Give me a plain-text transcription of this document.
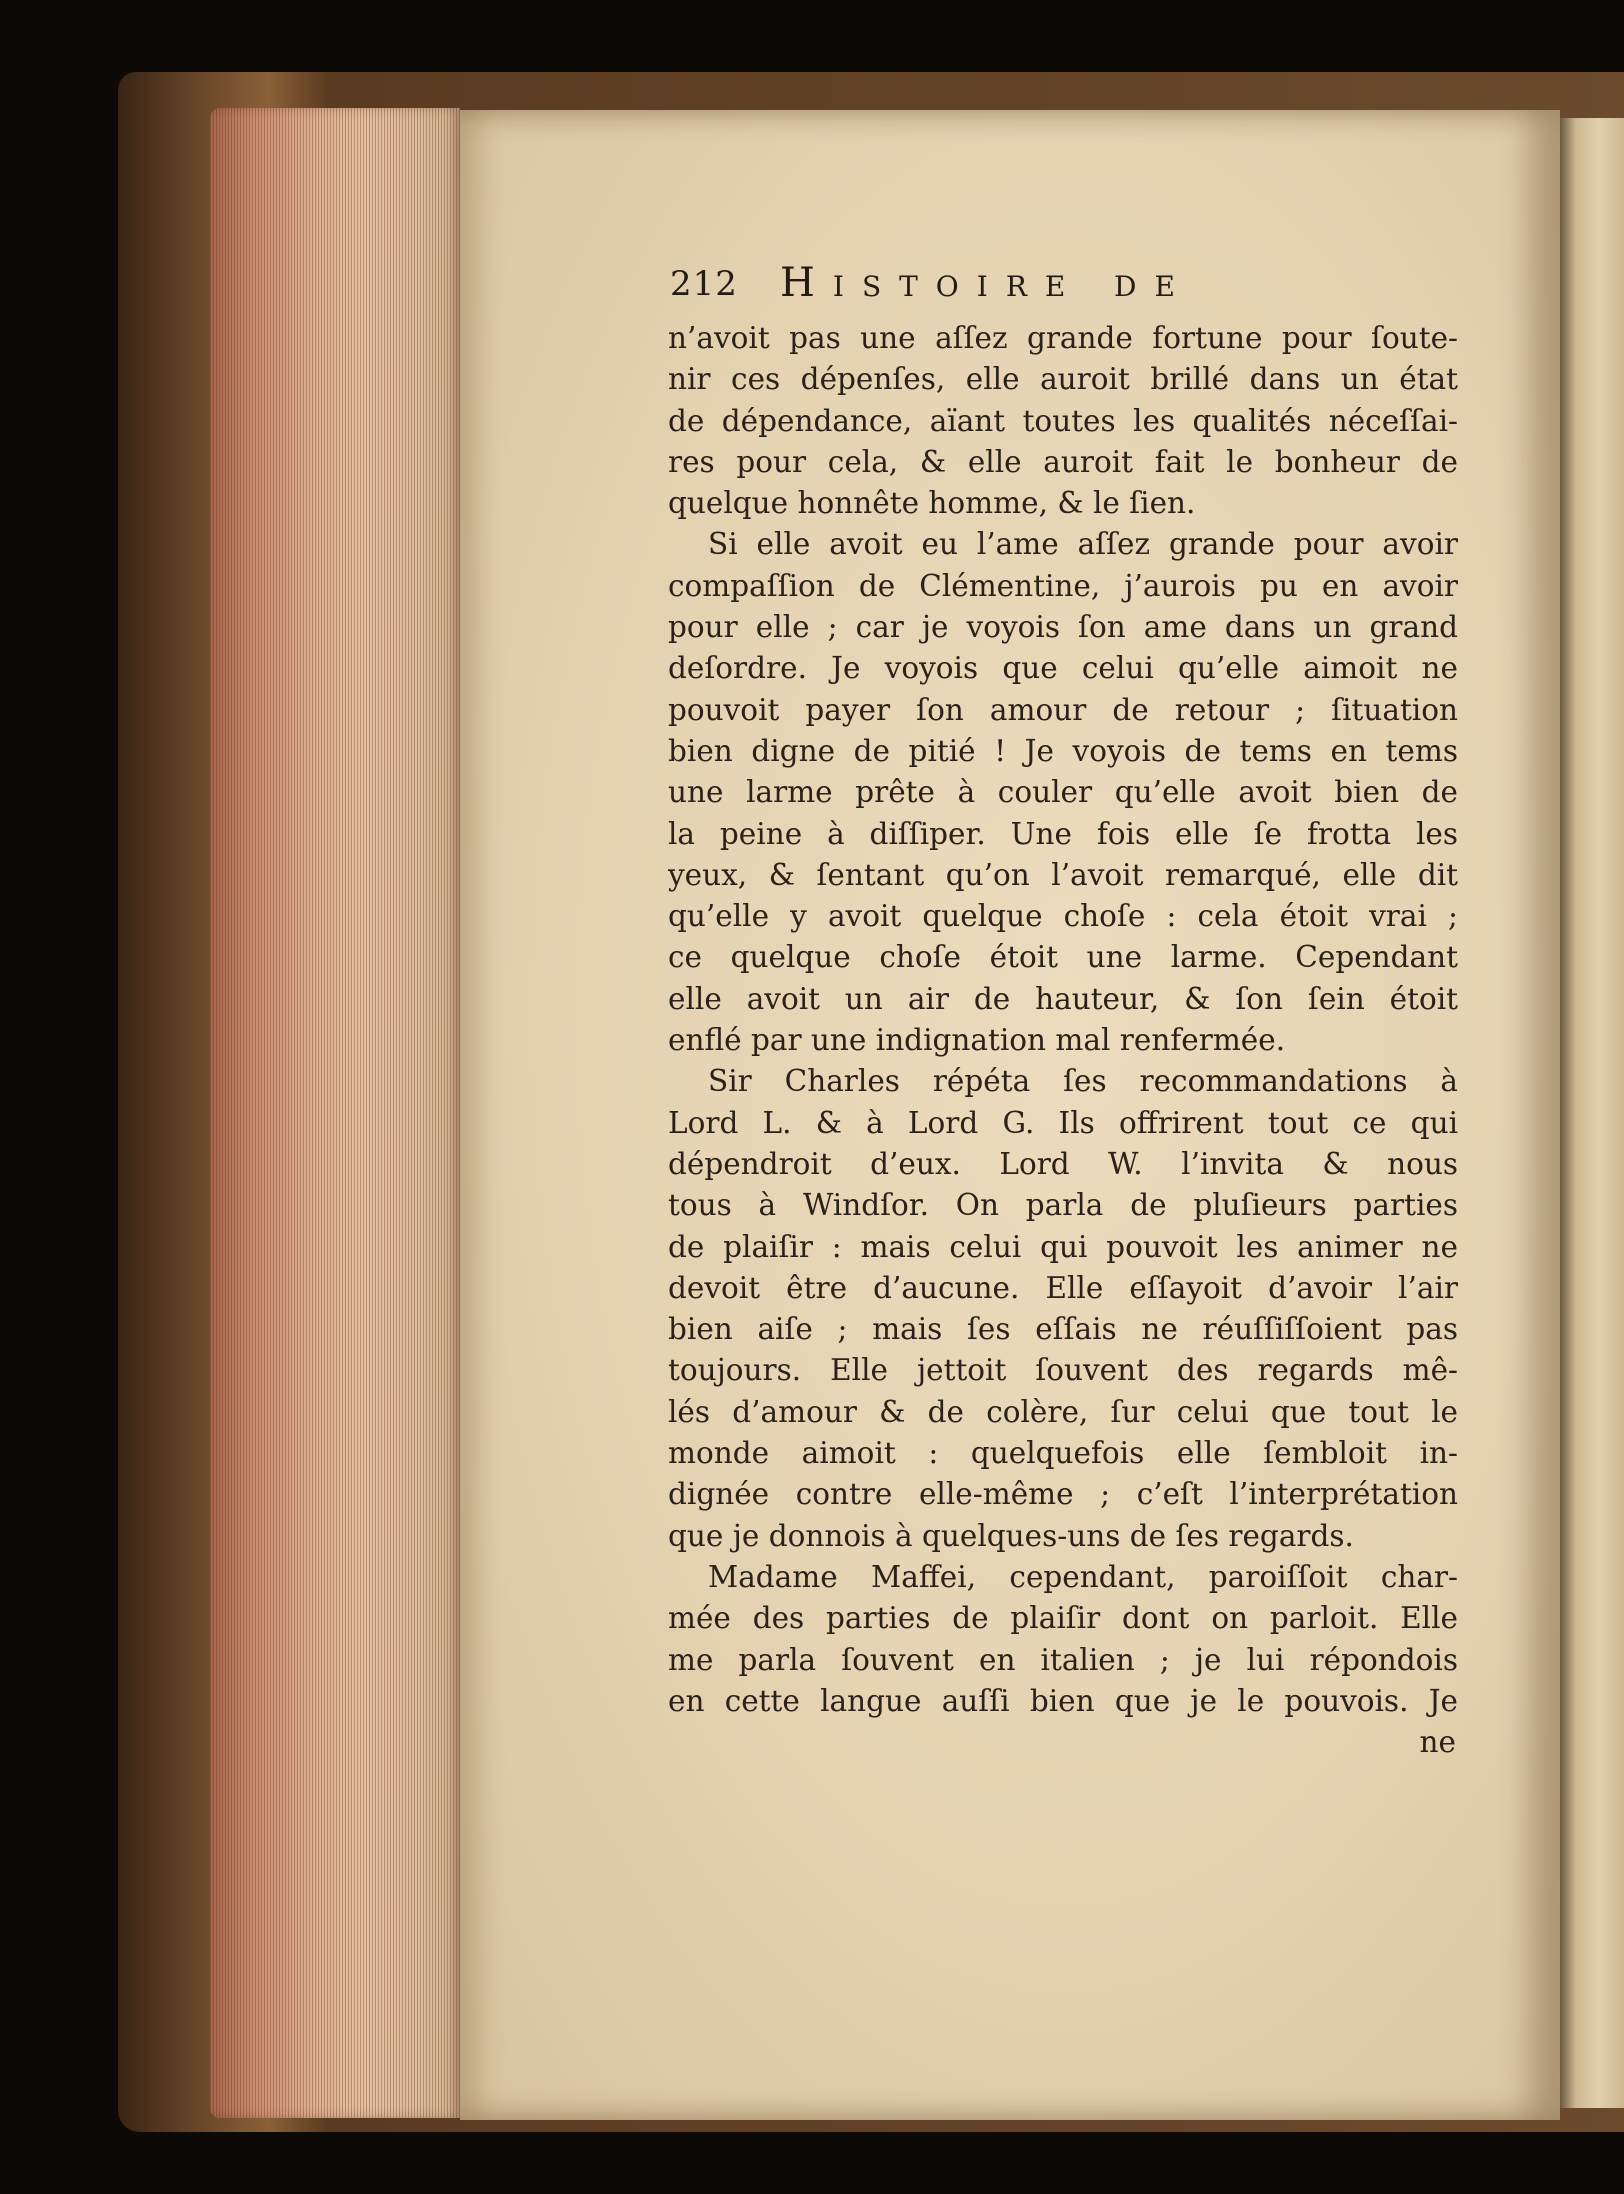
212 Histoire de
n’avoit pas une aſſez grande fortune pour ſoute-
nir ces dépenſes, elle auroit brillé dans un état
de dépendance, aïant toutes les qualités néceſſai-
res pour cela, & elle auroit fait le bonheur de
quelque honnête homme, & le ſien.
Si elle avoit eu l’ame aſſez grande pour avoir
compaſſion de Clémentine, j’aurois pu en avoir
pour elle ; car je voyois ſon ame dans un grand
deſordre. Je voyois que celui qu’elle aimoit ne
pouvoit payer ſon amour de retour ; ſituation
bien digne de pitié ! Je voyois de tems en tems
une larme prête à couler qu’elle avoit bien de
la peine à diſſiper. Une fois elle ſe frotta les
yeux, & ſentant qu’on l’avoit remarqué, elle dit
qu’elle y avoit quelque choſe : cela étoit vrai ;
ce quelque choſe étoit une larme. Cependant
elle avoit un air de hauteur, & ſon ſein étoit
enflé par une indignation mal renfermée.
Sir Charles répéta ſes recommandations à
Lord L. & à Lord G. Ils offrirent tout ce qui
dépendroit d’eux. Lord W. l’invita & nous
tous à Windſor. On parla de pluſieurs parties
de plaiſir : mais celui qui pouvoit les animer ne
devoit être d’aucune. Elle eſſayoit d’avoir l’air
bien aiſe ; mais ſes eſſais ne réuſſiſſoient pas
toujours. Elle jettoit ſouvent des regards mê-
lés d’amour & de colère, ſur celui que tout le
monde aimoit : quelquefois elle ſembloit in-
dignée contre elle-même ; c’eſt l’interprétation
que je donnois à quelques-uns de ſes regards.
Madame Maffei, cependant, paroiſſoit char-
mée des parties de plaiſir dont on parloit. Elle
me parla ſouvent en italien ; je lui répondois
en cette langue auſſi bien que je le pouvois. Je
ne
